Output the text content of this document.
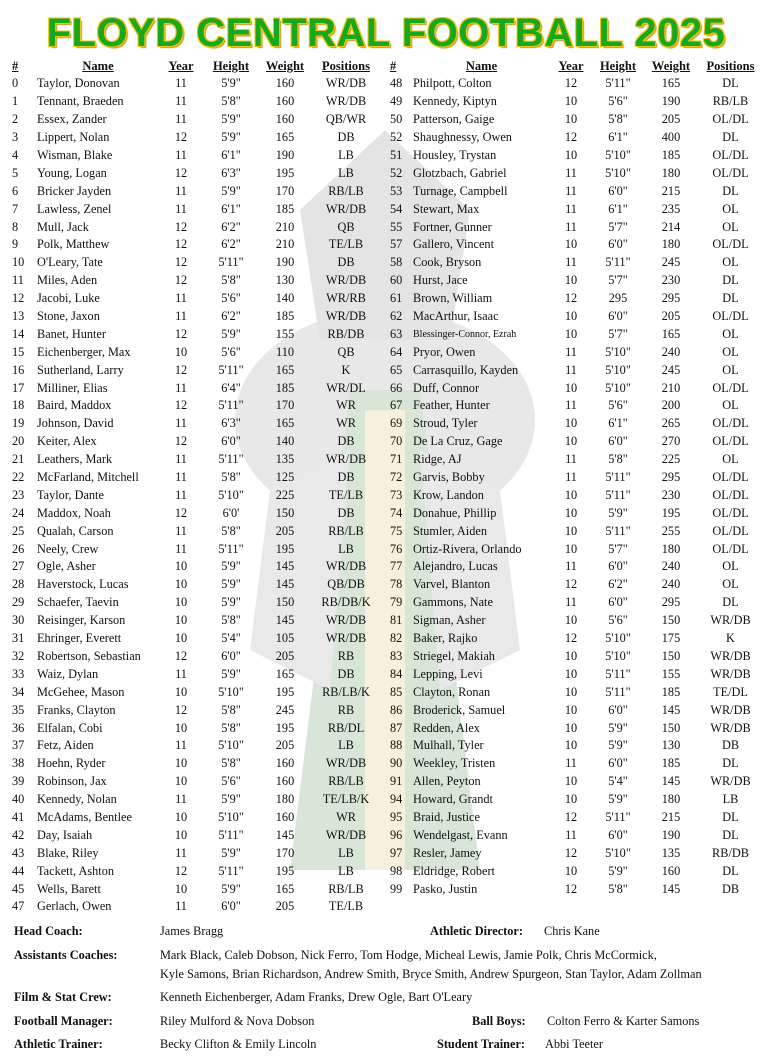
FLOYD CENTRAL FOOTBALL 2025
#	Name	Year	Height	Weight	Positions
0	Taylor, Donovan	11	5'9"	160	WR/DB
1	Tennant, Braeden	11	5'8"	160	WR/DB
2	Essex, Zander	11	5'9"	160	QB/WR
3	Lippert, Nolan	12	5'9"	165	DB
4	Wisman, Blake	11	6'1"	190	LB
5	Young, Logan	12	6'3"	195	LB
6	Bricker Jayden	11	5'9"	170	RB/LB
7	Lawless, Zenel	11	6'1"	185	WR/DB
8	Mull, Jack	12	6'2"	210	QB
9	Polk, Matthew	12	6'2"	210	TE/LB
10	O'Leary, Tate	12	5'11"	190	DB
11	Miles, Aden	12	5'8"	130	WR/DB
12	Jacobi, Luke	11	5'6"	140	WR/RB
13	Stone, Jaxon	11	6'2"	185	WR/DB
14	Banet, Hunter	12	5'9"	155	RB/DB
15	Eichenberger, Max	10	5'6"	110	QB
16	Sutherland, Larry	12	5'11"	165	K
17	Milliner, Elias	11	6'4"	185	WR/DL
18	Baird, Maddox	12	5'11"	170	WR
19	Johnson, David	11	6'3"	165	WR
20	Keiter, Alex	12	6'0"	140	DB
21	Leathers, Mark	11	5'11"	135	WR/DB
22	McFarland, Mitchell	11	5'8"	125	DB
23	Taylor, Dante	11	5'10"	225	TE/LB
24	Maddox, Noah	12	6'0'	150	DB
25	Qualah, Carson	11	5'8"	205	RB/LB
26	Neely, Crew	11	5'11"	195	LB
27	Ogle, Asher	10	5'9"	145	WR/DB
28	Haverstock, Lucas	10	5'9"	145	QB/DB
29	Schaefer, Taevin	10	5'9"	150	RB/DB/K
30	Reisinger, Karson	10	5'8"	145	WR/DB
31	Ehringer, Everett	10	5'4"	105	WR/DB
32	Robertson, Sebastian	12	6'0"	205	RB
33	Waiz, Dylan	11	5'9"	165	DB
34	McGehee, Mason	10	5'10"	195	RB/LB/K
35	Franks, Clayton	12	5'8"	245	RB
36	Elfalan, Cobi	10	5'8"	195	RB/DL
37	Fetz, Aiden	11	5'10"	205	LB
38	Hoehn, Ryder	10	5'8"	160	WR/DB
39	Robinson, Jax	10	5'6"	160	RB/LB
40	Kennedy, Nolan	11	5'9"	180	TE/LB/K
41	McAdams, Bentlee	10	5'10"	160	WR
42	Day, Isaiah	10	5'11"	145	WR/DB
43	Blake, Riley	11	5'9"	170	LB
44	Tackett, Ashton	12	5'11"	195	LB
45	Wells, Barett	10	5'9"	165	RB/LB
47	Gerlach, Owen	11	6'0"	205	TE/LB
#	Name	Year	Height	Weight	Positions
48	Philpott, Colton	12	5'11"	165	DL
49	Kennedy, Kiptyn	10	5'6"	190	RB/LB
50	Patterson, Gaige	10	5'8"	205	OL/DL
52	Shaughnessy, Owen	12	6'1"	400	DL
51	Housley, Trystan	10	5'10"	185	OL/DL
52	Glotzbach, Gabriel	11	5'10"	180	OL/DL
53	Turnage, Campbell	11	6'0"	215	DL
54	Stewart, Max	11	6'1"	235	OL
55	Fortner, Gunner	11	5'7"	214	OL
57	Gallero, Vincent	10	6'0"	180	OL/DL
58	Cook, Bryson	11	5'11"	245	OL
60	Hurst, Jace	10	5'7"	230	DL
61	Brown, William	12	295	295	DL
62	MacArthur, Isaac	10	6'0"	205	OL/DL
63	Blessinger-Connor, Ezrah	10	5'7"	165	OL
64	Pryor, Owen	11	5'10"	240	OL
65	Carrasquillo, Kayden	11	5'10"	245	OL
66	Duff, Connor	10	5'10"	210	OL/DL
67	Feather, Hunter	11	5'6"	200	OL
69	Stroud, Tyler	10	6'1"	265	OL/DL
70	De La Cruz, Gage	10	6'0"	270	OL/DL
71	Ridge, AJ	11	5'8"	225	OL
72	Garvis, Bobby	11	5'11"	295	OL/DL
73	Krow, Landon	10	5'11"	230	OL/DL
74	Donahue, Phillip	10	5'9"	195	OL/DL
75	Stumler, Aiden	10	5'11"	255	OL/DL
76	Ortiz-Rivera, Orlando	10	5'7"	180	OL/DL
77	Alejandro, Lucas	11	6'0"	240	OL
78	Varvel, Blanton	12	6'2"	240	OL
79	Gammons, Nate	11	6'0"	295	DL
81	Sigman, Asher	10	5'6"	150	WR/DB
82	Baker, Rajko	12	5'10"	175	K
83	Striegel, Makiah	10	5'10"	150	WR/DB
84	Lepping, Levi	10	5'11"	155	WR/DB
85	Clayton, Ronan	10	5'11"	185	TE/DL
86	Broderick, Samuel	10	6'0"	145	WR/DB
87	Redden, Alex	10	5'9"	150	WR/DB
88	Mulhall, Tyler	10	5'9"	130	DB
90	Weekley, Tristen	11	6'0"	185	DL
91	Allen, Peyton	10	5'4"	145	WR/DB
94	Howard, Grandt	10	5'9"	180	LB
95	Braid, Justice	12	5'11"	215	DL
96	Wendelgast, Evann	11	6'0"	190	DL
97	Resler, Jamey	12	5'10"	135	RB/DB
98	Eldridge, Robert	10	5'9"	160	DL
99	Pasko, Justin	12	5'8"	145	DB
Head Coach:	James Bragg	Athletic Director: Chris Kane
Assistants Coaches:	Mark Black, Caleb Dobson, Nick Ferro, Tom Hodge, Micheal Lewis, Jamie Polk, Chris McCormick,
Kyle Samons, Brian Richardson, Andrew Smith, Bryce Smith, Andrew Spurgeon, Stan Taylor, Adam Zollman
Film & Stat Crew:	Kenneth Eichenberger, Adam Franks, Drew Ogle, Bart O'Leary
Football Manager:	Riley Mulford & Nova Dobson	Ball Boys: Colton Ferro & Karter Samons
Athletic Trainer:	Becky Clifton & Emily Lincoln	Student Trainer: Abbi Teeter
